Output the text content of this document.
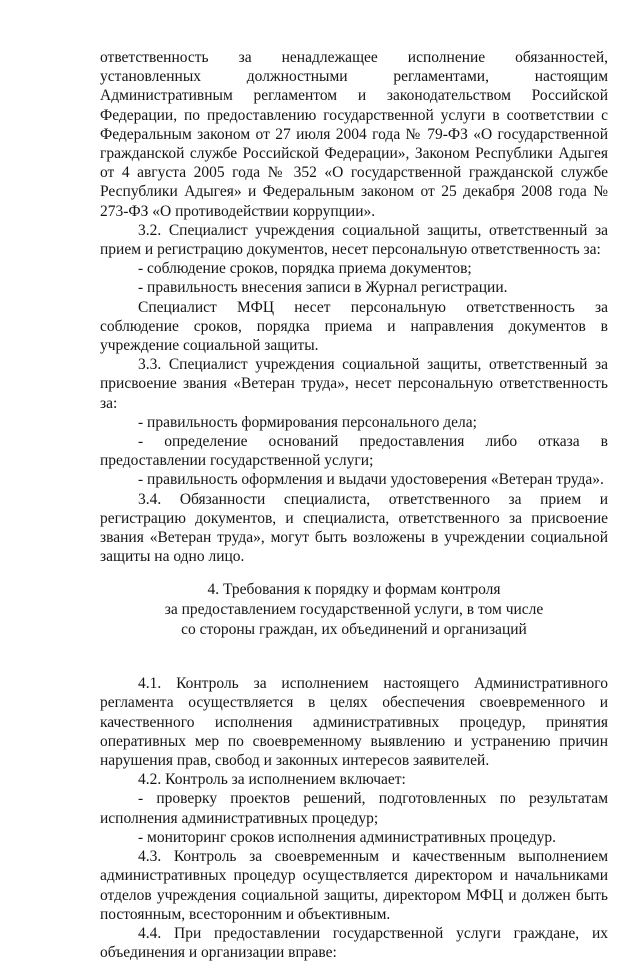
ответственность за ненадлежащее исполнение обязанностей, установленных должностными регламентами, настоящим Административным регламентом и законодательством Российской Федерации, по предоставлению государственной услуги в соответствии с Федеральным законом от 27 июля 2004 года № 79-ФЗ «О государственной гражданской службе Российской Федерации», Законом Республики Адыгея от 4 августа 2005 года № 352 «О государственной гражданской службе Республики Адыгея» и Федеральным законом от 25 декабря 2008 года № 273-ФЗ «О противодействии коррупции».

3.2. Специалист учреждения социальной защиты, ответственный за прием и регистрацию документов, несет персональную ответственность за:

- соблюдение сроков, порядка приема документов;

- правильность внесения записи в Журнал регистрации.

Специалист МФЦ несет персональную ответственность за соблюдение сроков, порядка приема и направления документов в учреждение социальной защиты.

3.3. Специалист учреждения социальной защиты, ответственный за присвоение звания «Ветеран труда», несет персональную ответственность за:

- правильность формирования персонального дела;

- определение оснований предоставления либо отказа в предоставлении государственной услуги;

- правильность оформления и выдачи удостоверения «Ветеран труда».

3.4. Обязанности специалиста, ответственного за прием и регистрацию документов, и специалиста, ответственного за присвоение звания «Ветеран труда», могут быть возложены в учреждении социальной защиты на одно лицо.

4. Требования к порядку и формам контроля
за предоставлением государственной услуги, в том числе
со стороны граждан, их объединений и организаций

4.1. Контроль за исполнением настоящего Административного регламента осуществляется в целях обеспечения своевременного и качественного исполнения административных процедур, принятия оперативных мер по своевременному выявлению и устранению причин нарушения прав, свобод и законных интересов заявителей.

4.2. Контроль за исполнением включает:

- проверку проектов решений, подготовленных по результатам исполнения административных процедур;

- мониторинг сроков исполнения административных процедур.

4.3. Контроль за своевременным и качественным выполнением административных процедур осуществляется директором и начальниками отделов учреждения социальной защиты, директором МФЦ и должен быть постоянным, всесторонним и объективным.

4.4. При предоставлении государственной услуги граждане, их объединения и организации вправе:
